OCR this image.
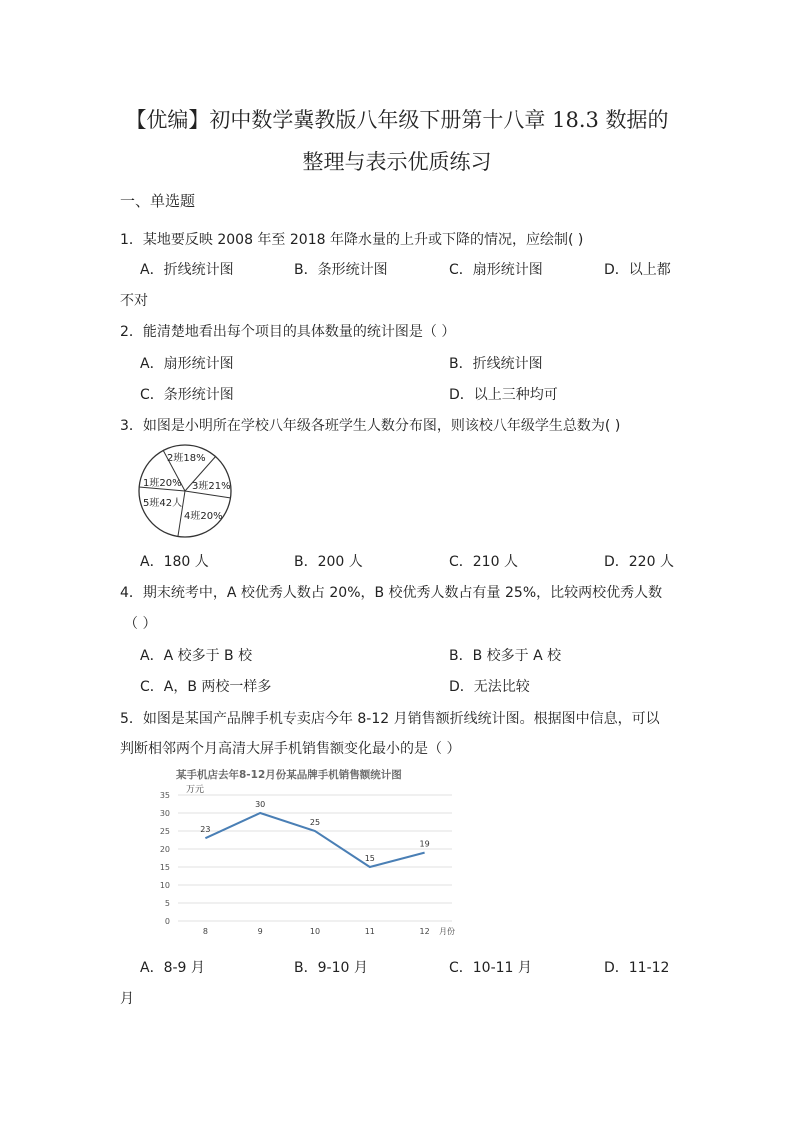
【优编】初中数学冀教版八年级下册第十八章 18.3 数据的
整理与表示优质练习
一、单选题
1．某地要反映 2008 年至 2018 年降水量的上升或下降的情况，应绘制( )
A．折线统计图	B．条形统计图	C．扇形统计图	D．以上都
不对
2．能清楚地看出每个项目的具体数量的统计图是（ ）
A．扇形统计图	B．折线统计图
C．条形统计图	D．以上三种均可
3．如图是小明所在学校八年级各班学生人数分布图，则该校八年级学生总数为( )
2班18%
1班20% 3班21%
5班42人
4班20%
A．180 人	B．200 人	C．210 人	D．220 人
4．期末统考中，A 校优秀人数占 20%，B 校优秀人数占有量 25%，比较两校优秀人数
（ ）
A．A 校多于 B 校	B．B 校多于 A 校
C．A，B 两校一样多	D．无法比较
5．如图是某国产品牌手机专卖店今年 8-12 月销售额折线统计图。根据图中信息，可以
判断相邻两个月高清大屏手机销售额变化最小的是（ ）
某手机店去年8-12月份某品牌手机销售额统计图
万元
0
5
10
15
20
25
30
35
8	9	10	11	12
23
30
25
15
19
月份
A．8-9 月	B．9-10 月	C．10-11 月	D．11-12
月
